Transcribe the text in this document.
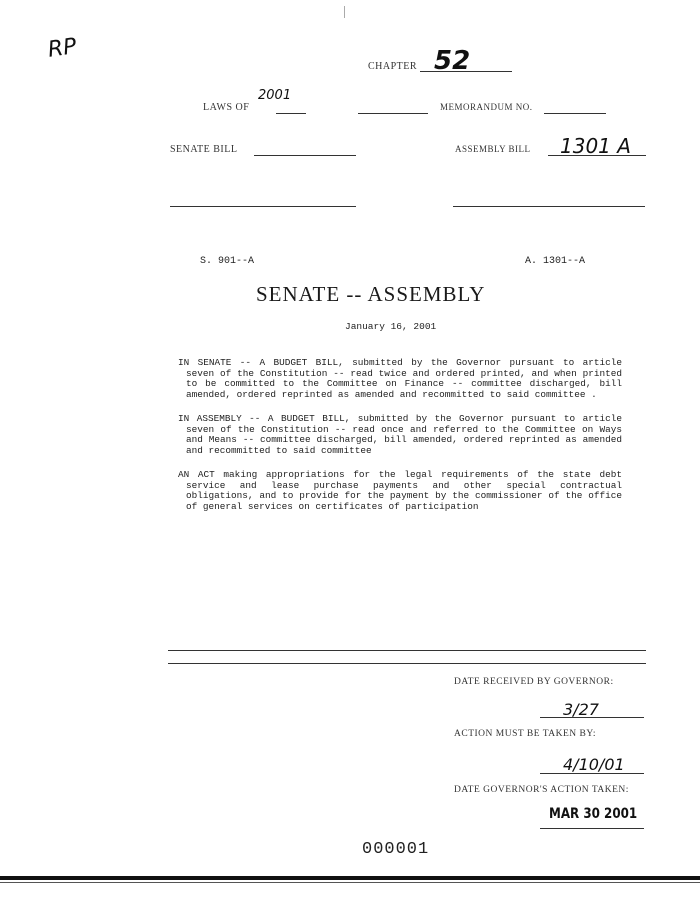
RP
CHAPTER 52
LAWS OF
2001
MEMORANDUM NO.
SENATE BILL	ASSEMBLY BILL 1301 A
S. 901--A	A. 1301--A
SENATE -- ASSEMBLY
January 16, 2001
IN SENATE -- A BUDGET BILL, submitted by the Governor pursuant to article seven of the Constitution -- read twice and ordered printed, and when printed to be committed to the Committee on Finance -- committee discharged, bill amended, ordered reprinted as amended and recommitted to said committee .
IN ASSEMBLY -- A BUDGET BILL, submitted by the Governor pursuant to article seven of the Constitution -- read once and referred to the Committee on Ways and Means -- committee discharged, bill amended, ordered reprinted as amended and recommitted to said committee
AN ACT making appropriations for the legal requirements of the state debt service and lease purchase payments and other special contractual obligations, and to provide for the payment by the commissioner of the office of general services on certificates of participation
DATE RECEIVED BY GOVERNOR:
3/27
ACTION MUST BE TAKEN BY:
4/10/01
DATE GOVERNOR'S ACTION TAKEN:
MAR 30 2001
000001
